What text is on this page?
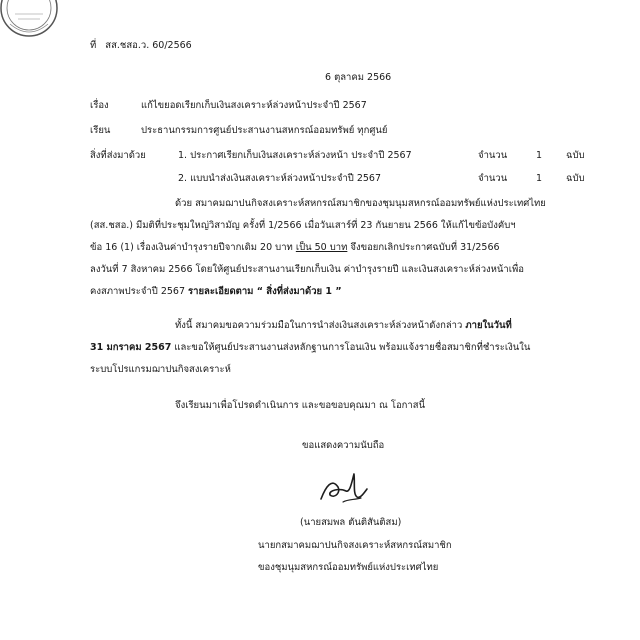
ที่ สส.ชสอ.ว. 60/2566
6 ตุลาคม 2566
เรื่อง	แก้ไขยอดเรียกเก็บเงินสงเคราะห์ล่วงหน้าประจำปี 2567
เรียน	ประธานกรรมการศูนย์ประสานงานสหกรณ์ออมทรัพย์ ทุกศูนย์
สิ่งที่ส่งมาด้วย	1. ประกาศเรียกเก็บเงินสงเคราะห์ล่วงหน้า ประจำปี 2567	จำนวน	1	ฉบับ
2. แบบนำส่งเงินสงเคราะห์ล่วงหน้าประจำปี 2567	จำนวน	1	ฉบับ
ด้วย สมาคมฌาปนกิจสงเคราะห์สหกรณ์สมาชิกของชุมนุมสหกรณ์ออมทรัพย์แห่งประเทศไทย
(สส.ชสอ.) มีมติที่ประชุมใหญ่วิสามัญ ครั้งที่ 1/2566 เมื่อวันเสาร์ที่ 23 กันยายน 2566 ให้แก้ไขข้อบังคับฯ
ข้อ 16 (1) เรื่องเงินค่าบำรุงรายปีจากเดิม 20 บาท เป็น 50 บาท จึงขอยกเลิกประกาศฉบับที่ 31/2566
ลงวันที่ 7 สิงหาคม 2566 โดยให้ศูนย์ประสานงานเรียกเก็บเงิน ค่าบำรุงรายปี และเงินสงเคราะห์ล่วงหน้าเพื่อ
คงสภาพประจำปี 2567 รายละเอียดตาม “ สิ่งที่ส่งมาด้วย 1 ”
ทั้งนี้ สมาคมขอความร่วมมือในการนำส่งเงินสงเคราะห์ล่วงหน้าดังกล่าว ภายในวันที่
31 มกราคม 2567 และขอให้ศูนย์ประสานงานส่งหลักฐานการโอนเงิน พร้อมแจ้งรายชื่อสมาชิกที่ชำระเงินใน
ระบบโปรแกรมฌาปนกิจสงเคราะห์
จึงเรียนมาเพื่อโปรดดำเนินการ และขอขอบคุณมา ณ โอกาสนี้
ขอแสดงความนับถือ
(นายสมพล ตันติสันติสม)
นายกสมาคมฌาปนกิจสงเคราะห์สหกรณ์สมาชิก
ของชุมนุมสหกรณ์ออมทรัพย์แห่งประเทศไทย
